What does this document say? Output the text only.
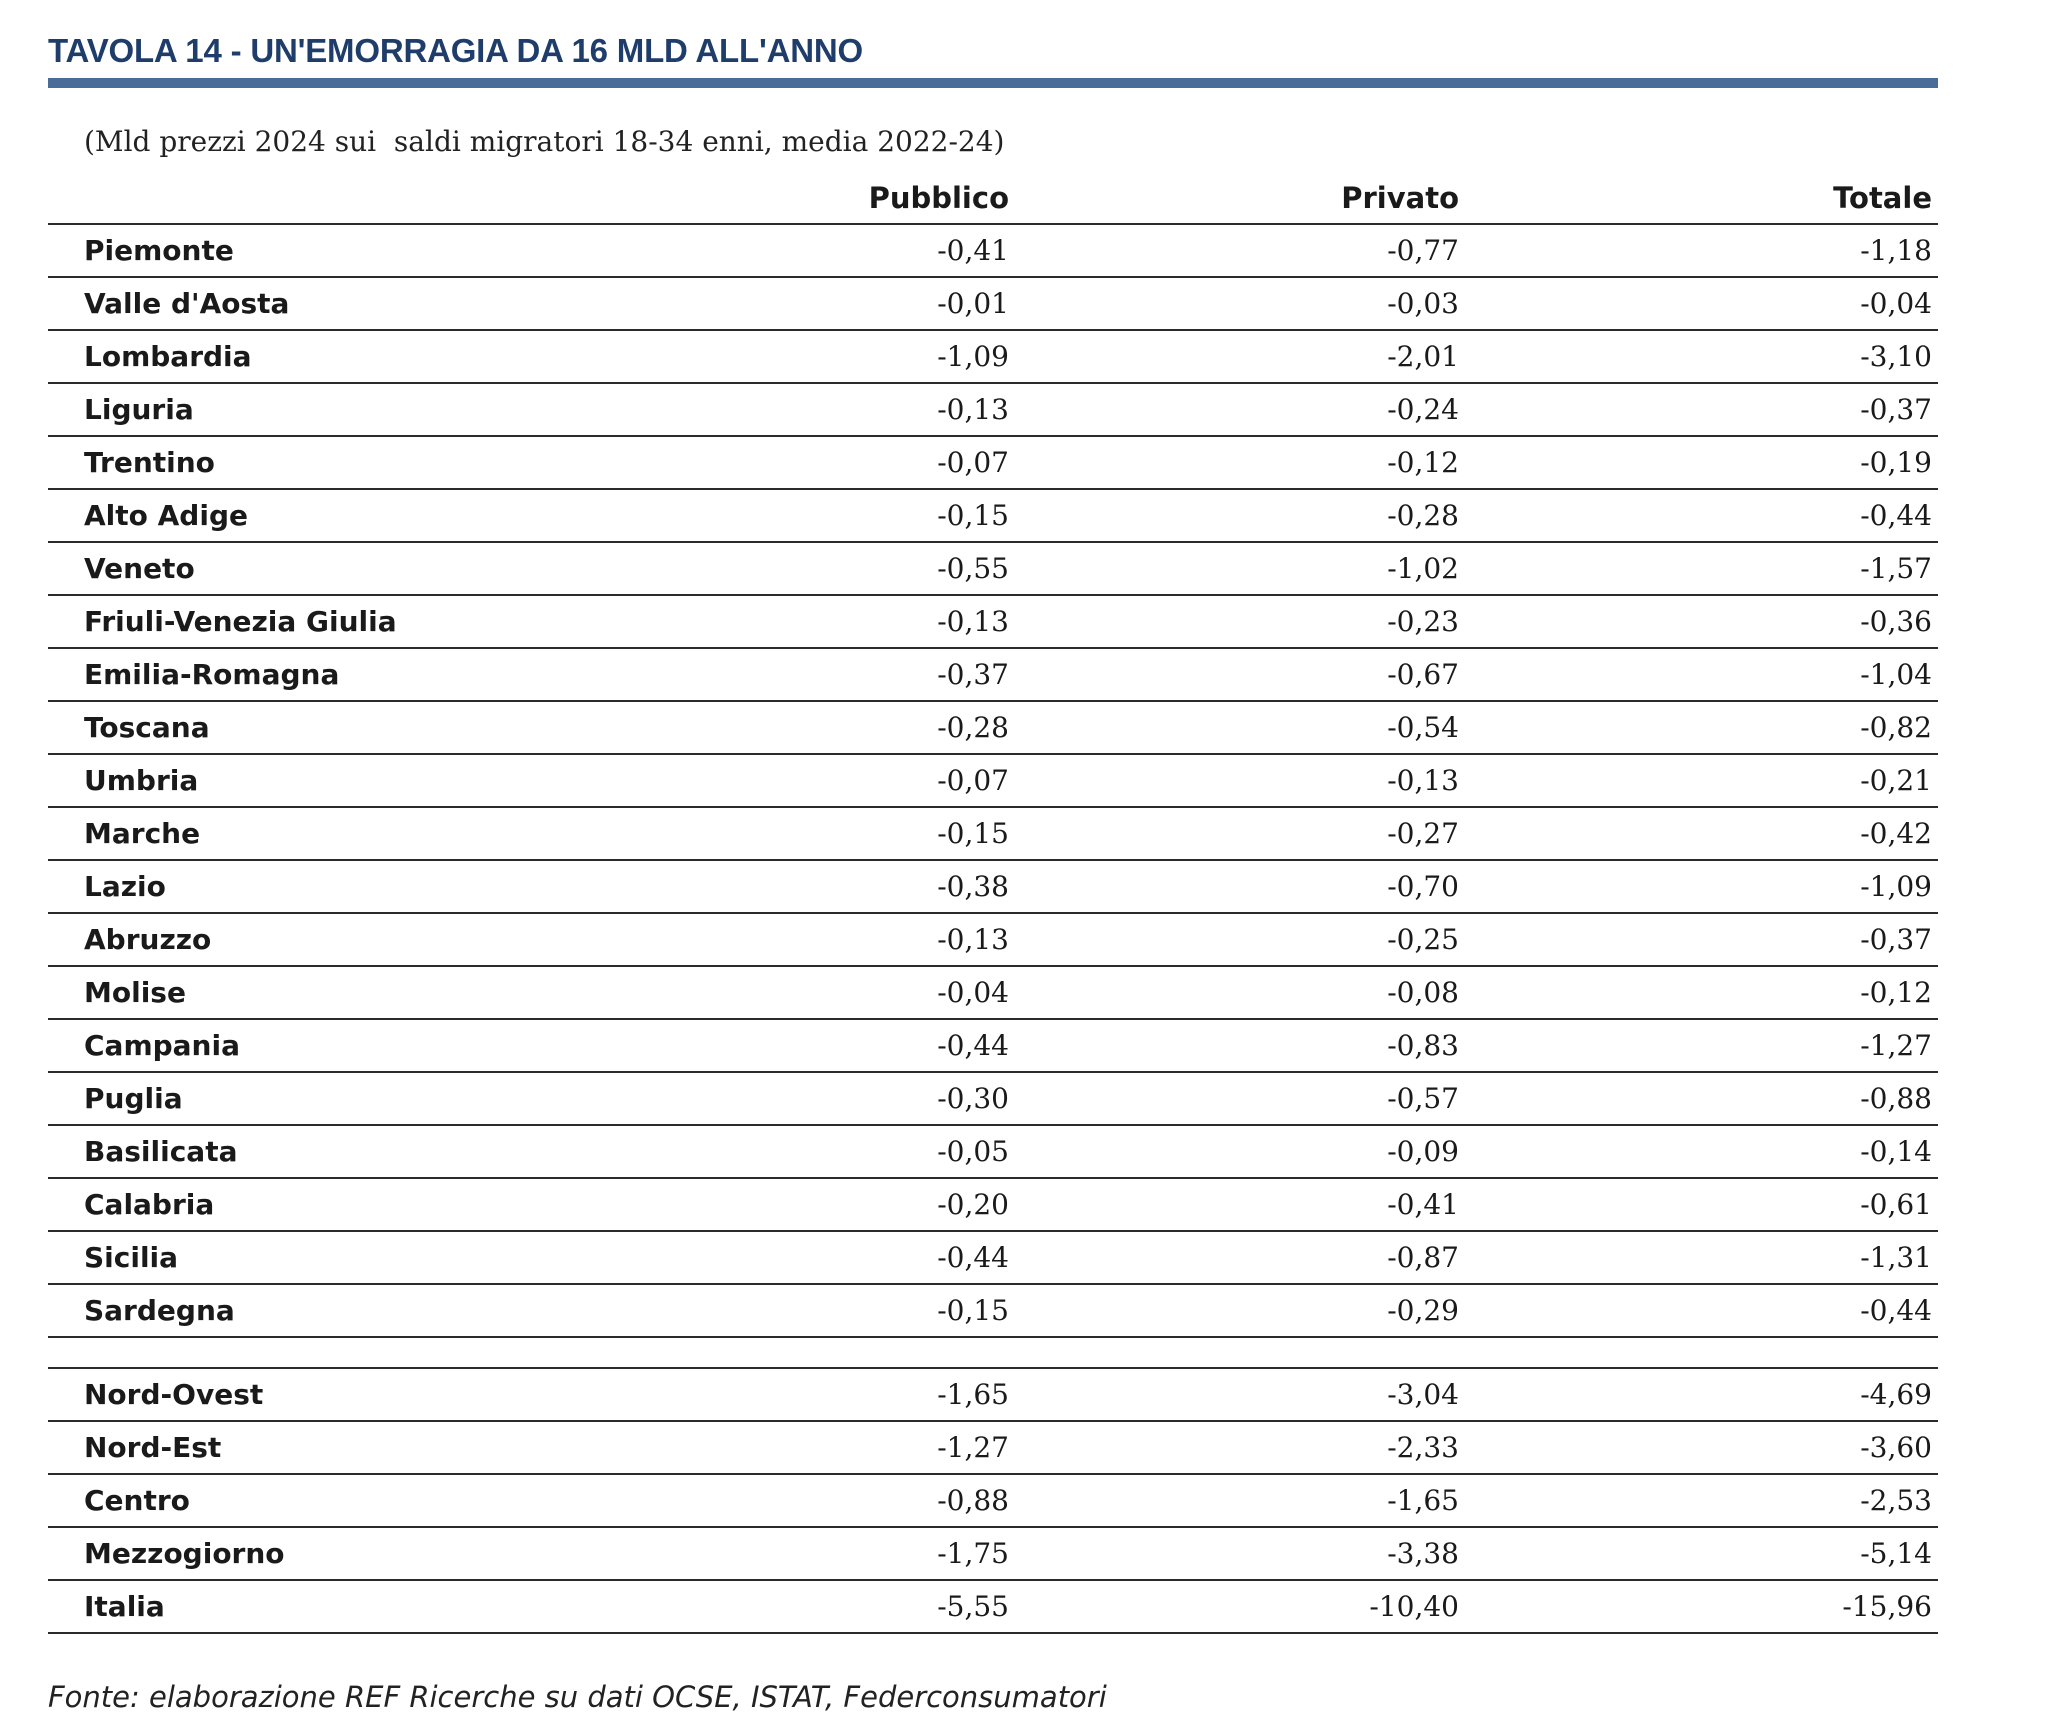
TAVOLA 14 - UN'EMORRAGIA DA 16 MLD ALL'ANNO
(Mld prezzi 2024 sui  saldi migratori 18-34 enni, media 2022-24)
	Pubblico	Privato	Totale	
Piemonte	-0,41	-0,77	-1,18	
Valle d'Aosta	-0,01	-0,03	-0,04	
Lombardia	-1,09	-2,01	-3,10	
Liguria	-0,13	-0,24	-0,37	
Trentino	-0,07	-0,12	-0,19	
Alto Adige	-0,15	-0,28	-0,44	
Veneto	-0,55	-1,02	-1,57	
Friuli-Venezia Giulia	-0,13	-0,23	-0,36	
Emilia-Romagna	-0,37	-0,67	-1,04	
Toscana	-0,28	-0,54	-0,82	
Umbria	-0,07	-0,13	-0,21	
Marche	-0,15	-0,27	-0,42	
Lazio	-0,38	-0,70	-1,09	
Abruzzo	-0,13	-0,25	-0,37	
Molise	-0,04	-0,08	-0,12	
Campania	-0,44	-0,83	-1,27	
Puglia	-0,30	-0,57	-0,88	
Basilicata	-0,05	-0,09	-0,14	
Calabria	-0,20	-0,41	-0,61	
Sicilia	-0,44	-0,87	-1,31	
Sardegna	-0,15	-0,29	-0,44	

Nord-Ovest	-1,65	-3,04	-4,69	
Nord-Est	-1,27	-2,33	-3,60	
Centro	-0,88	-1,65	-2,53	
Mezzogiorno	-1,75	-3,38	-5,14	
Italia	-5,55	-10,40	-15,96	
Fonte: elaborazione REF Ricerche su dati OCSE, ISTAT, Federconsumatori
